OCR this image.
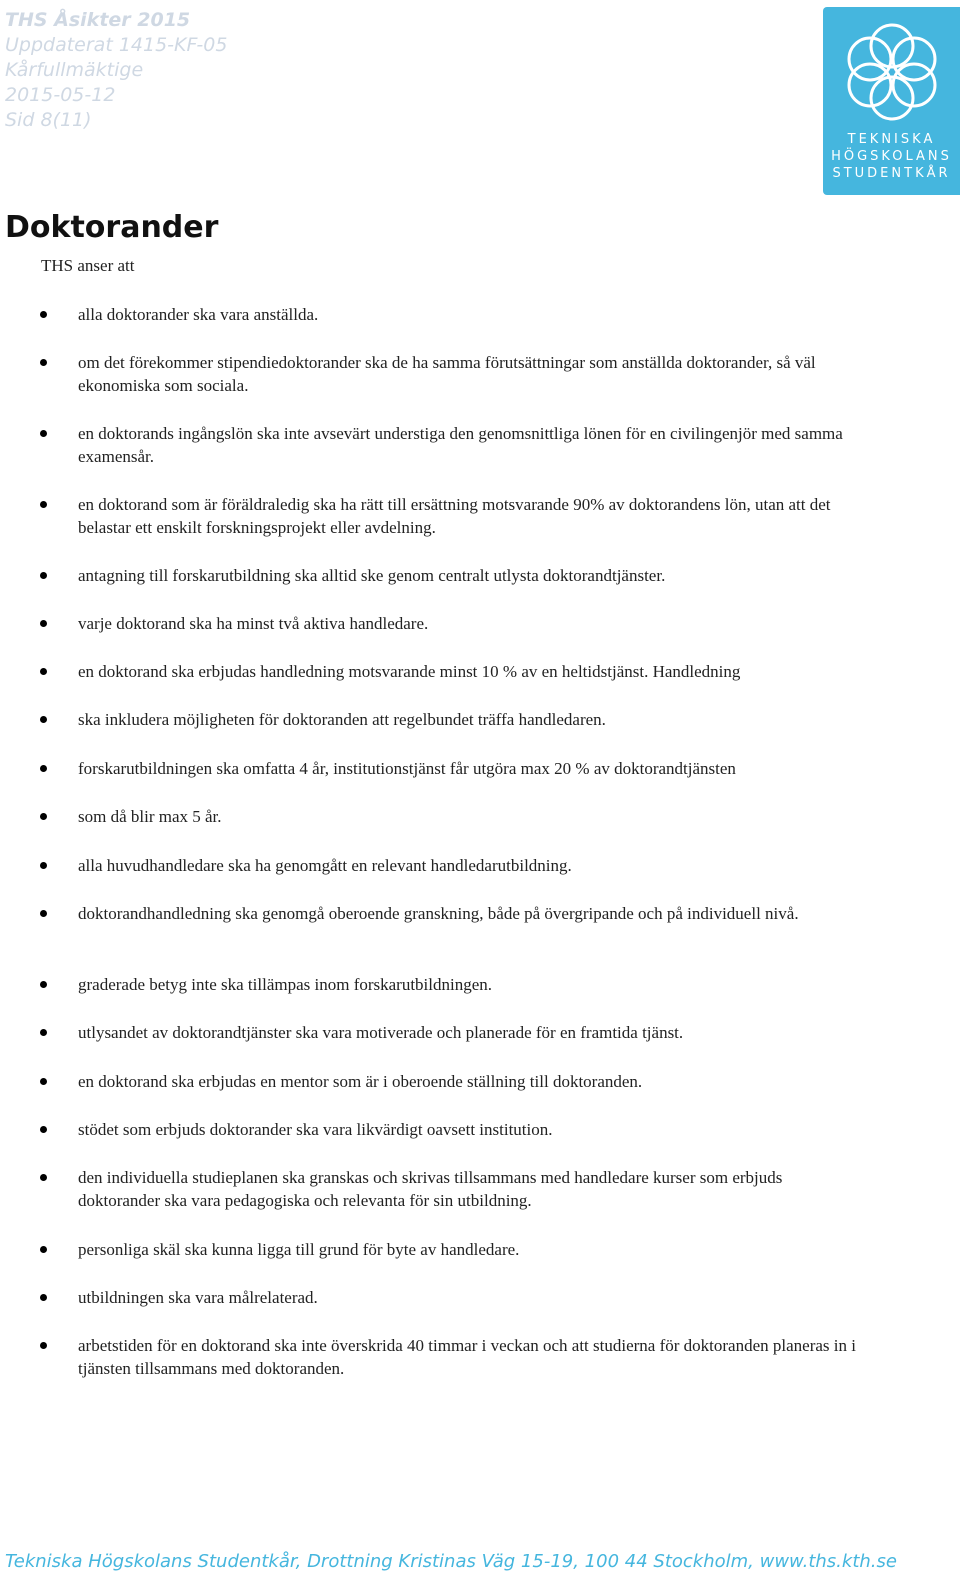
THS Åsikter 2015
Uppdaterat 1415-KF-05
Kårfullmäktige
2015-05-12
Sid 8(11)
TEKNISKA
HÖGSKOLANS
STUDENTKÅR
Doktorander
THS anser att
alla doktorander ska vara anställda.
om det förekommer stipendiedoktorander ska de ha samma förutsättningar som anställda doktorander, så väl ekonomiska som sociala.
en doktorands ingångslön ska inte avsevärt understiga den genomsnittliga lönen för en civilingenjör med samma examensår.
en doktorand som är föräldraledig ska ha rätt till ersättning motsvarande 90% av doktorandens lön, utan att det belastar ett enskilt forskningsprojekt eller avdelning.
antagning till forskarutbildning ska alltid ske genom centralt utlysta doktorandtjänster.
varje doktorand ska ha minst två aktiva handledare.
en doktorand ska erbjudas handledning motsvarande minst 10 % av en heltidstjänst. Handledning
ska inkludera möjligheten för doktoranden att regelbundet träffa handledaren.
forskarutbildningen ska omfatta 4 år, institutionstjänst får utgöra max 20 % av doktorandtjänsten
som då blir max 5 år.
alla huvudhandledare ska ha genomgått en relevant handledarutbildning.
doktorandhandledning ska genomgå oberoende granskning, både på övergripande och på individuell nivå.
graderade betyg inte ska tillämpas inom forskarutbildningen.
utlysandet av doktorandtjänster ska vara motiverade och planerade för en framtida tjänst.
en doktorand ska erbjudas en mentor som är i oberoende ställning till doktoranden.
stödet som erbjuds doktorander ska vara likvärdigt oavsett institution.
den individuella studieplanen ska granskas och skrivas tillsammans med handledare kurser som erbjuds doktorander ska vara pedagogiska och relevanta för sin utbildning.
personliga skäl ska kunna ligga till grund för byte av handledare.
utbildningen ska vara målrelaterad.
arbetstiden för en doktorand ska inte överskrida 40 timmar i veckan och att studierna för doktoranden planeras in i tjänsten tillsammans med doktoranden.
Tekniska Högskolans Studentkår, Drottning Kristinas Väg 15-19, 100 44 Stockholm, www.ths.kth.se
